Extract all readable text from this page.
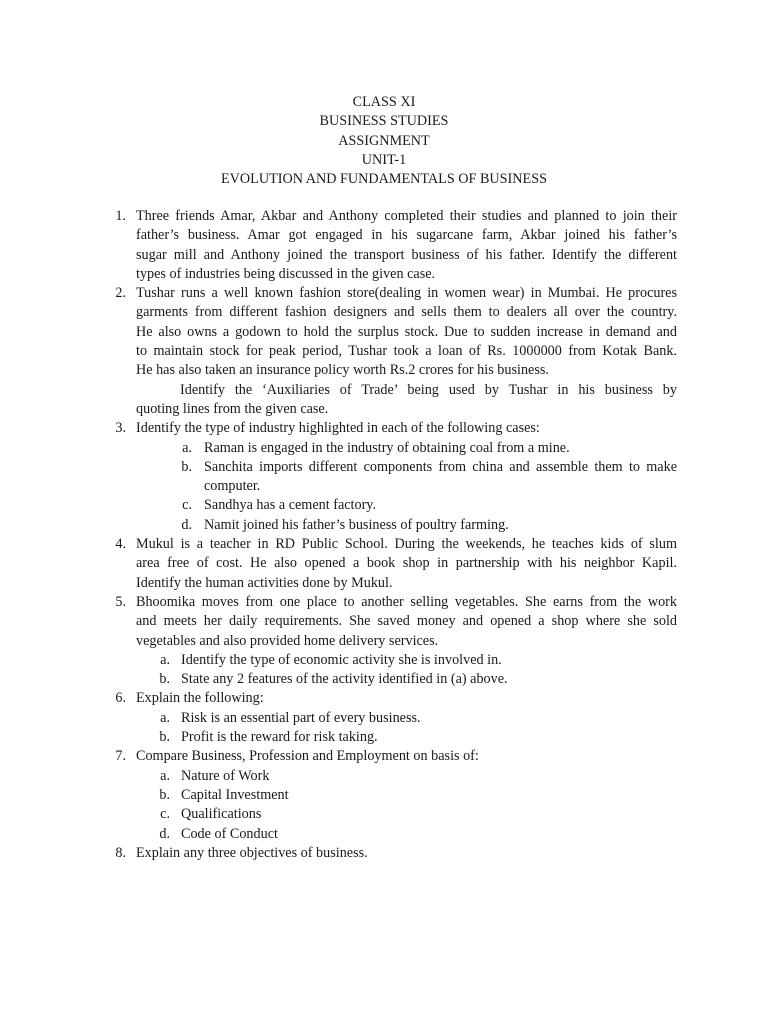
CLASS XI
BUSINESS STUDIES
ASSIGNMENT
UNIT-1
EVOLUTION AND FUNDAMENTALS OF BUSINESS
1. Three friends Amar, Akbar and Anthony completed their studies and planned to join their
father’s business. Amar got engaged in his sugarcane farm, Akbar joined his father’s
sugar mill and Anthony joined the transport business of his father. Identify the different
types of industries being discussed in the given case.
2. Tushar runs a well known fashion store(dealing in women wear) in Mumbai. He procures
garments from different fashion designers and sells them to dealers all over the country.
He also owns a godown to hold the surplus stock. Due to sudden increase in demand and
to maintain stock for peak period, Tushar took a loan of Rs. 1000000 from Kotak Bank.
He has also taken an insurance policy worth Rs.2 crores for his business.
Identify the ‘Auxiliaries of Trade’ being used by Tushar in his business by
quoting lines from the given case.
3. Identify the type of industry highlighted in each of the following cases:
a. Raman is engaged in the industry of obtaining coal from a mine.
b. Sanchita imports different components from china and assemble them to make
computer.
c. Sandhya has a cement factory.
d. Namit joined his father’s business of poultry farming.
4. Mukul is a teacher in RD Public School. During the weekends, he teaches kids of slum
area free of cost. He also opened a book shop in partnership with his neighbor Kapil.
Identify the human activities done by Mukul.
5. Bhoomika moves from one place to another selling vegetables. She earns from the work
and meets her daily requirements. She saved money and opened a shop where she sold
vegetables and also provided home delivery services.
a. Identify the type of economic activity she is involved in.
b. State any 2 features of the activity identified in (a) above.
6. Explain the following:
a. Risk is an essential part of every business.
b. Profit is the reward for risk taking.
7. Compare Business, Profession and Employment on basis of:
a. Nature of Work
b. Capital Investment
c. Qualifications
d. Code of Conduct
8. Explain any three objectives of business.
